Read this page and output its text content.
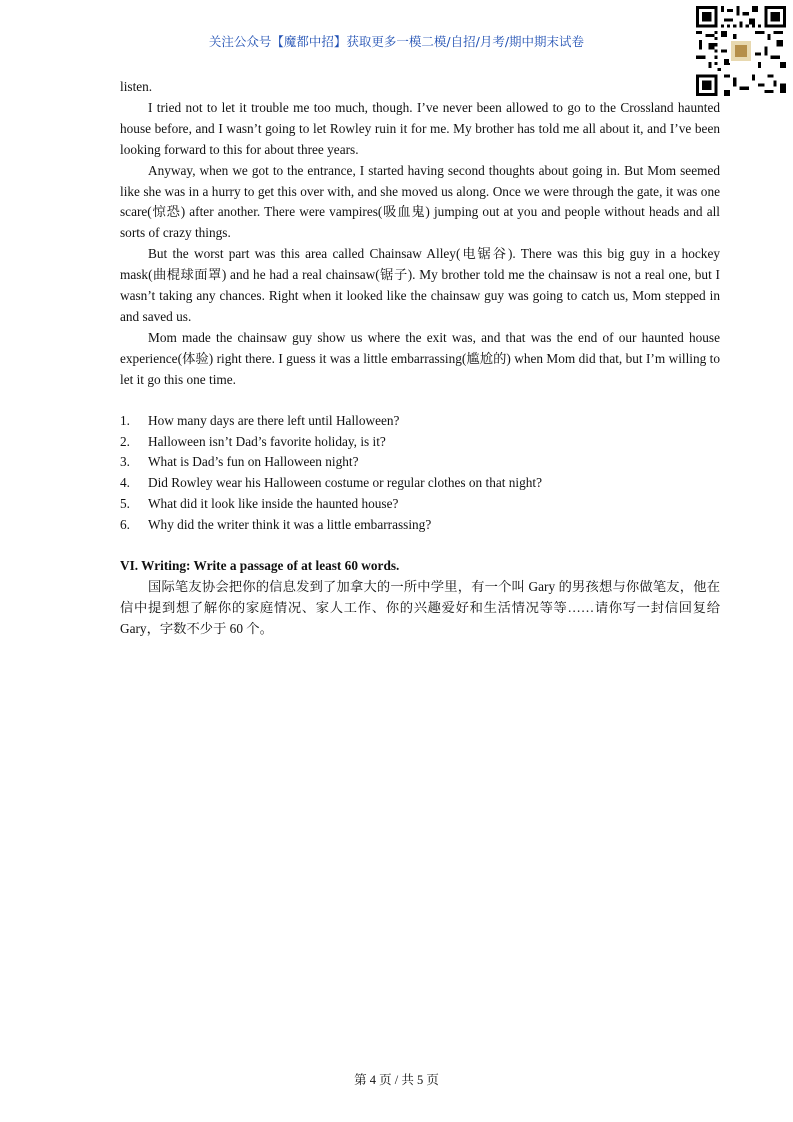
关注公众号【魔都中招】获取更多一模二模/自招/月考/期中期末试卷

listen.

I tried not to let it trouble me too much, though. I’ve never been allowed to go to the Crossland haunted house before, and I wasn’t going to let Rowley ruin it for me. My brother has told me all about it, and I’ve been looking forward to this for about three years.

Anyway, when we got to the entrance, I started having second thoughts about going in. But Mom seemed like she was in a hurry to get this over with, and she moved us along. Once we were through the gate, it was one scare(惊恐) after another. There were vampires(吸血鬼) jumping out at you and people without heads and all sorts of crazy things.

But the worst part was this area called Chainsaw Alley(电锯谷). There was this big guy in a hockey mask(曲棍球面罩) and he had a real chainsaw(锯子). My brother told me the chainsaw is not a real one, but I wasn’t taking any chances. Right when it looked like the chainsaw guy was going to catch us, Mom stepped in and saved us.

Mom made the chainsaw guy show us where the exit was, and that was the end of our haunted house experience(体验) right there. I guess it was a little embarrassing(尴尬的) when Mom did that, but I’m willing to let it go this one time.

1.	How many days are there left until Halloween?
2.	Halloween isn’t Dad’s favorite holiday, is it?
3.	What is Dad’s fun on Halloween night?
4.	Did Rowley wear his Halloween costume or regular clothes on that night?
5.	What did it look like inside the haunted house?
6.	Why did the writer think it was a little embarrassing?

VI. Writing: Write a passage of at least 60 words.

国际笔友协会把你的信息发到了加拿大的一所中学里，有一个叫 Gary 的男孩想与你做笔友，他在信中提到想了解你的家庭情况、家人工作、你的兴趣爱好和生活情况等等……请你写一封信回复给 Gary，字数不少于 60 个。

第 4 页 / 共 5 页
